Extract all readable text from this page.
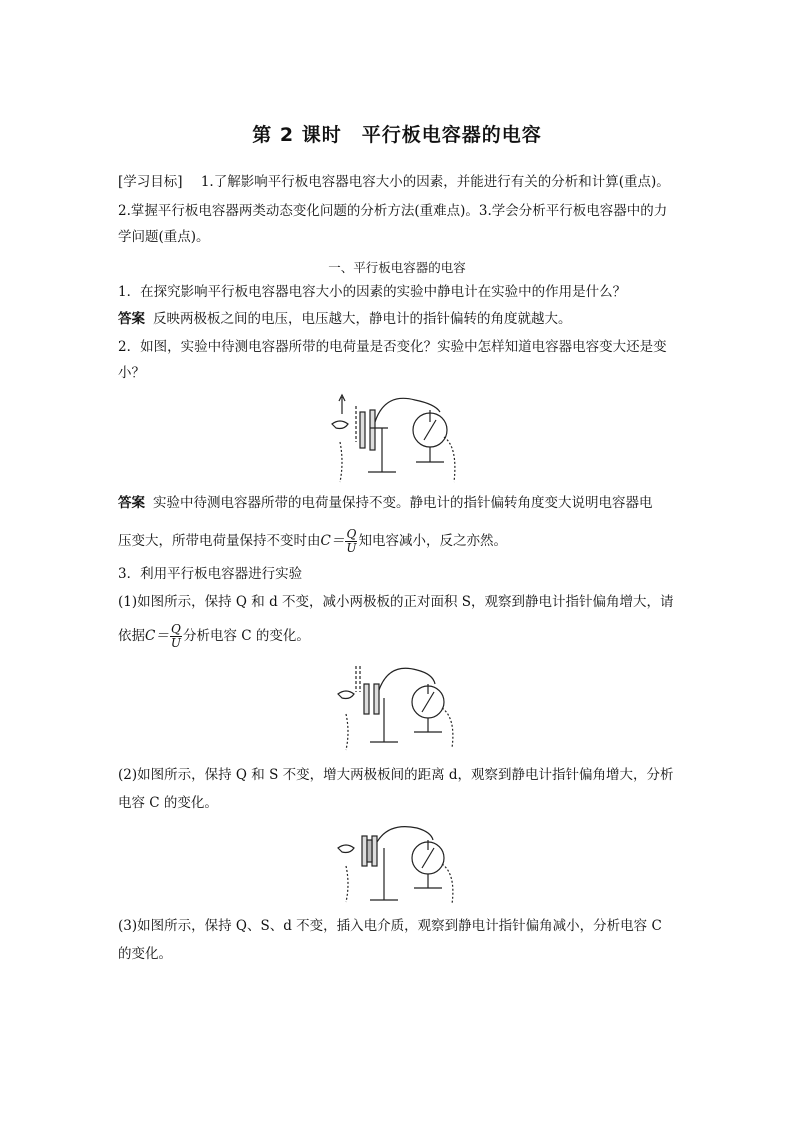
第 2 课时　平行板电容器的电容
[学习目标] 1.了解影响平行板电容器电容大小的因素，并能进行有关的分析和计算(重点)。
2.掌握平行板电容器两类动态变化问题的分析方法(重难点)。3.学会分析平行板电容器中的力
学问题(重点)。
一、平行板电容器的电容
1．在探究影响平行板电容器电容大小的因素的实验中静电计在实验中的作用是什么？
答案 反映两极板之间的电压，电压越大，静电计的指针偏转的角度就越大。
2．如图，实验中待测电容器所带的电荷量是否变化？实验中怎样知道电容器电容变大还是变
小？
答案 实验中待测电容器所带的电荷量保持不变。静电计的指针偏转角度变大说明电容器电
压变大，所带电荷量保持不变时由$C= \frac{Q}{U}$ 知电容减小，反之亦然。
3．利用平行板电容器进行实验
(1)如图所示，保持 Q 和 d 不变，减小两极板的正对面积 S，观察到静电计指针偏角增大，请
依据$C= \frac{Q}{U}$ 分析电容 C 的变化。
(2)如图所示，保持 Q 和 S 不变，增大两极板间的距离 d，观察到静电计指针偏角增大，分析
电容 C 的变化。
(3)如图所示，保持 Q、S、d 不变，插入电介质，观察到静电计指针偏角减小，分析电容 C
的变化。
